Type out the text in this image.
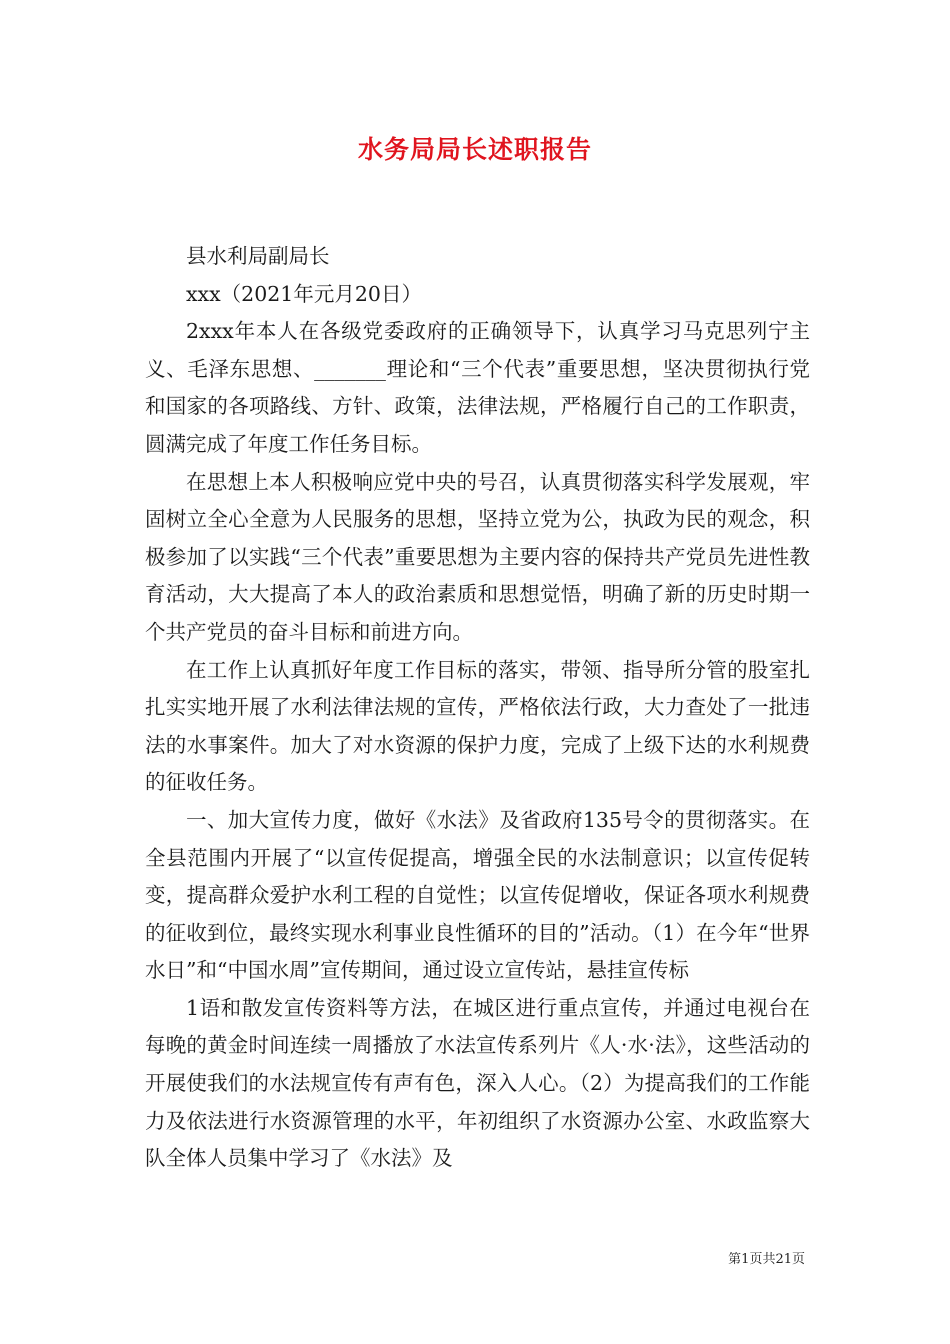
水务局局长述职报告

县水利局副局长

xxx（2021年元月20日）

2xxx年本人在各级党委政府的正确领导下，认真学习马克思列宁主义、毛泽东思想、_______理论和“三个代表”重要思想，坚决贯彻执行党和国家的各项路线、方针、政策，法律法规，严格履行自己的工作职责，圆满完成了年度工作任务目标。

在思想上本人积极响应党中央的号召，认真贯彻落实科学发展观，牢固树立全心全意为人民服务的思想，坚持立党为公，执政为民的观念，积极参加了以实践“三个代表”重要思想为主要内容的保持共产党员先进性教育活动，大大提高了本人的政治素质和思想觉悟，明确了新的历史时期一个共产党员的奋斗目标和前进方向。

在工作上认真抓好年度工作目标的落实，带领、指导所分管的股室扎扎实实地开展了水利法律法规的宣传，严格依法行政，大力查处了一批违法的水事案件。加大了对水资源的保护力度，完成了上级下达的水利规费的征收任务。

一、加大宣传力度，做好《水法》及省政府135号令的贯彻落实。在全县范围内开展了“以宣传促提高，增强全民的水法制意识；以宣传促转变，提高群众爱护水利工程的自觉性；以宣传促增收，保证各项水利规费的征收到位，最终实现水利事业良性循环的目的”活动。（1）在今年“世界水日”和“中国水周”宣传期间，通过设立宣传站，悬挂宣传标

1语和散发宣传资料等方法，在城区进行重点宣传，并通过电视台在每晚的黄金时间连续一周播放了水法宣传系列片《人·水·法》，这些活动的开展使我们的水法规宣传有声有色，深入人心。（2）为提高我们的工作能力及依法进行水资源管理的水平，年初组织了水资源办公室、水政监察大队全体人员集中学习了《水法》及

第1页共21页
